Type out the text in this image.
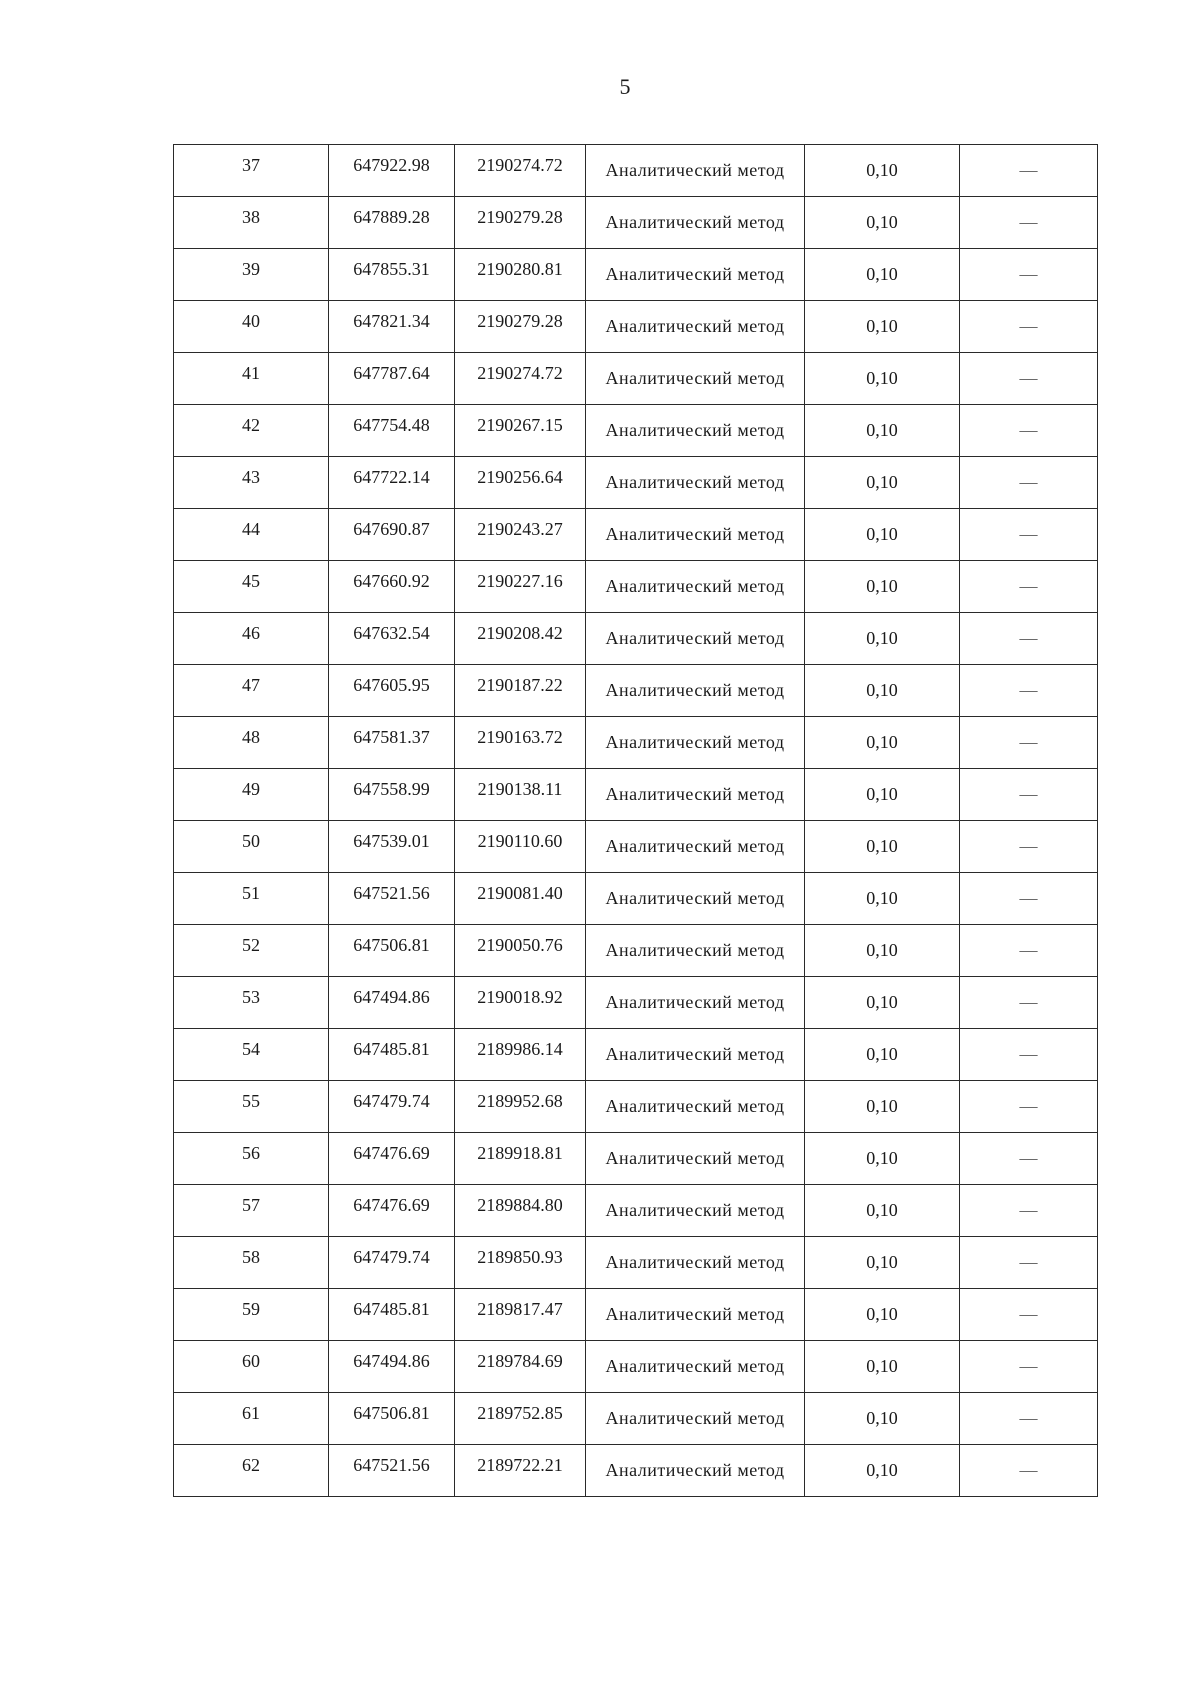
5
37	647922.98	2190274.72	Аналитический метод	0,10	—
38	647889.28	2190279.28	Аналитический метод	0,10	—
39	647855.31	2190280.81	Аналитический метод	0,10	—
40	647821.34	2190279.28	Аналитический метод	0,10	—
41	647787.64	2190274.72	Аналитический метод	0,10	—
42	647754.48	2190267.15	Аналитический метод	0,10	—
43	647722.14	2190256.64	Аналитический метод	0,10	—
44	647690.87	2190243.27	Аналитический метод	0,10	—
45	647660.92	2190227.16	Аналитический метод	0,10	—
46	647632.54	2190208.42	Аналитический метод	0,10	—
47	647605.95	2190187.22	Аналитический метод	0,10	—
48	647581.37	2190163.72	Аналитический метод	0,10	—
49	647558.99	2190138.11	Аналитический метод	0,10	—
50	647539.01	2190110.60	Аналитический метод	0,10	—
51	647521.56	2190081.40	Аналитический метод	0,10	—
52	647506.81	2190050.76	Аналитический метод	0,10	—
53	647494.86	2190018.92	Аналитический метод	0,10	—
54	647485.81	2189986.14	Аналитический метод	0,10	—
55	647479.74	2189952.68	Аналитический метод	0,10	—
56	647476.69	2189918.81	Аналитический метод	0,10	—
57	647476.69	2189884.80	Аналитический метод	0,10	—
58	647479.74	2189850.93	Аналитический метод	0,10	—
59	647485.81	2189817.47	Аналитический метод	0,10	—
60	647494.86	2189784.69	Аналитический метод	0,10	—
61	647506.81	2189752.85	Аналитический метод	0,10	—
62	647521.56	2189722.21	Аналитический метод	0,10	—
